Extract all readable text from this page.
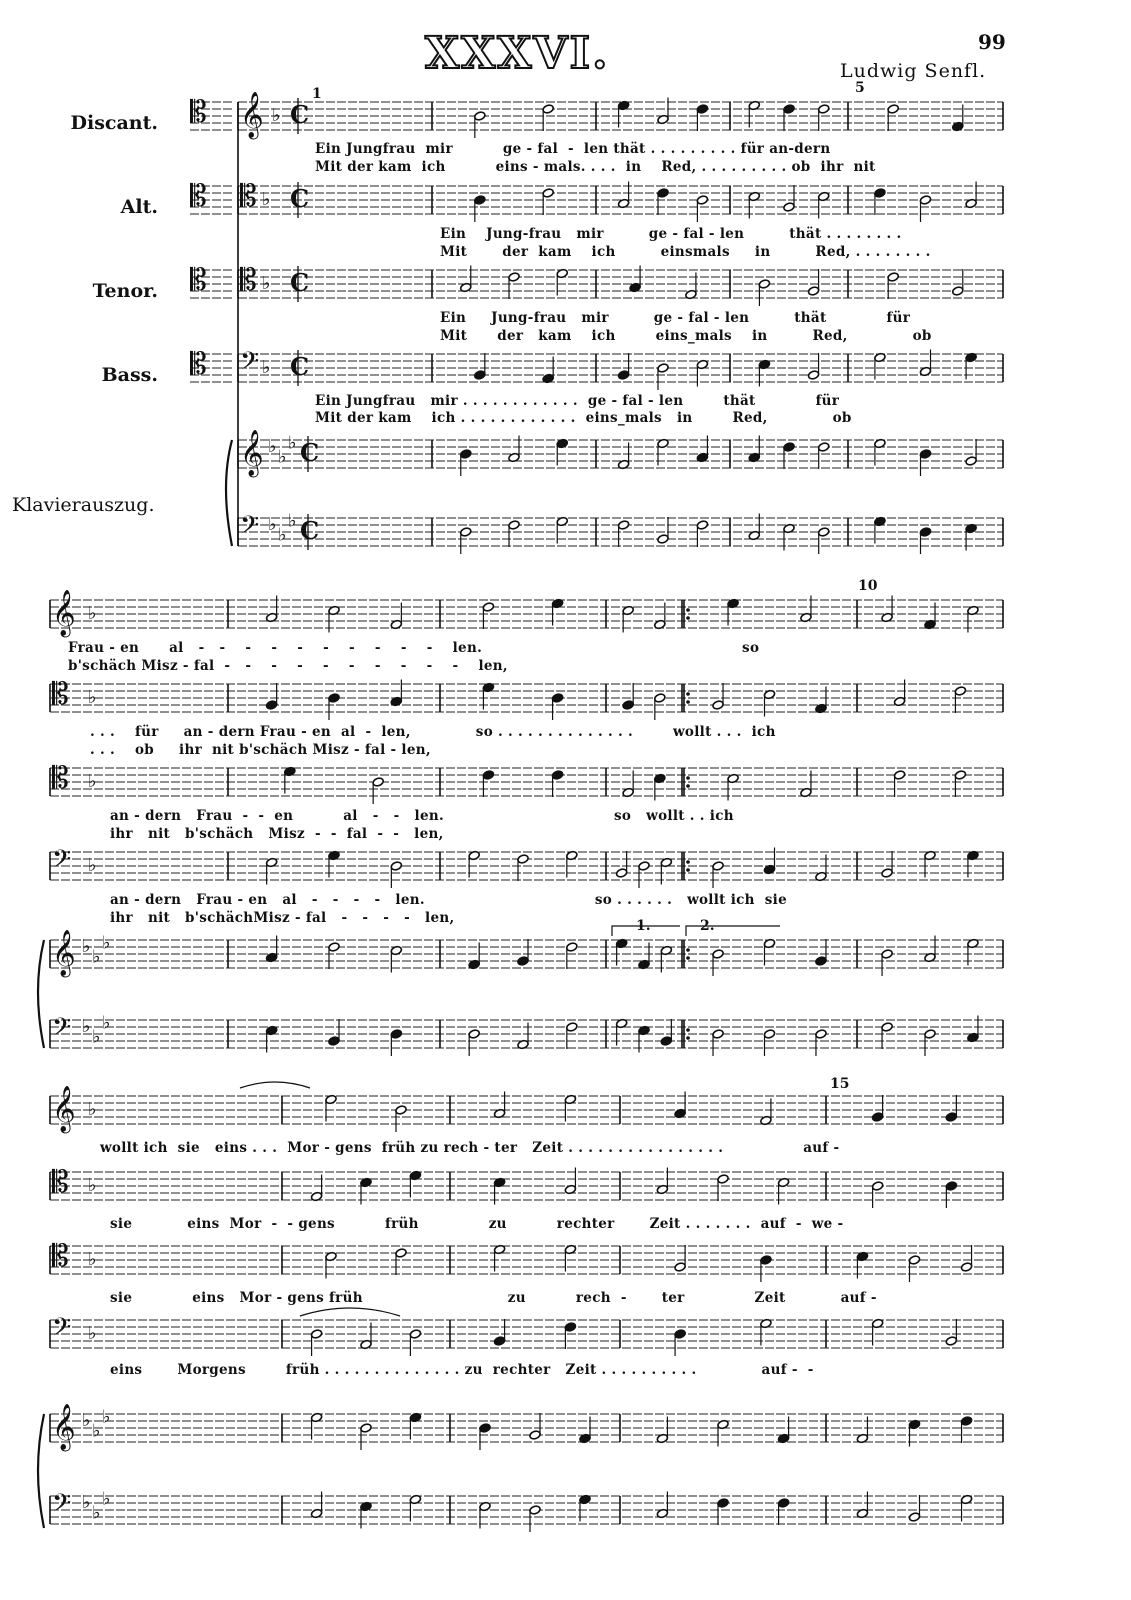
XXXVI.	99
Ludwig Senfl.
Discant.
Alt.
Tenor.
Bass.
Klavierauszug.
1	5
10
15
1.	2.
𝄡
𝄡
𝄡
𝄡
𝄞 ♭ C
𝄡 ♭ C
𝄡 ♭ C
𝄢 ♭ C
𝄞 ♭ ♭
♭ C
𝄢 ♭ ♭
♭ C
𝄞 ♭
𝄡 ♭
𝄡 ♭
𝄢 ♭
𝄞 ♭ ♭
♭
𝄢 ♭ ♭
♭
𝄞 ♭
𝄡 ♭
𝄡 ♭
𝄢 ♭
𝄞 ♭ ♭
♭
𝄢 ♭ ♭
♭
Ein Jungfrau  mir          ge - fal  -  len thät . . . . . . . . . für an-dern
Mit der kam  ich          eins - mals. . . .  in    Red, . . . . . . . . . ob  ihr  nit
Ein    Jung-frau   mir         ge - fal - len         thät . . . . . . . .
Mit       der  kam    ich         einsmals     in         Red, . . . . . . . .
Ein     Jung-frau   mir         ge - fal - len         thät            für
Mit      der   kam    ich        eins_mals    in         Red,             ob
Ein Jungfrau   mir . . . . . . . . . . . .  ge - fal - len        thät            für
Mit der kam    ich . . . . . . . . . . . .  eins_mals   in        Red,             ob
Frau - en      al   -   -    -    -    -    -    -    -    -    -    len.                                                    so
b'schäch Misz - fal  -   -    -    -    -    -    -    -    -    -    len,
. . .    für     an - dern Frau - en  al  -  len,             so . . . . . . . . . . . . . .        wollt . . .  ich
. . .    ob     ihr  nit b'schäch Misz - fal - len,
an - dern   Frau  -  -  en          al   -   -   len.                                  so   wollt . . ich
ihr   nit   b'schäch   Misz  -  -  fal  -  -   len,
an - dern   Frau - en   al   -   -   -   -   len.                                  so . . . . . .   wollt ich  sie
ihr   nit   b'schächMisz - fal   -   -   -   -   len,
wollt ich  sie   eins . . .  Mor - gens  früh zu rech - ter   Zeit . . . . . . . . . . . . . . . .                auf -
sie           eins  Mor  -  - gens          früh              zu          rechter       Zeit . . . . . . .  auf  -  we -
sie            eins   Mor - gens früh                             zu          rech  -       ter              Zeit           auf -
eins       Morgens        früh . . . . . . . . . . . . . . zu  rechter   Zeit . . . . . . . . . .             auf -  -
